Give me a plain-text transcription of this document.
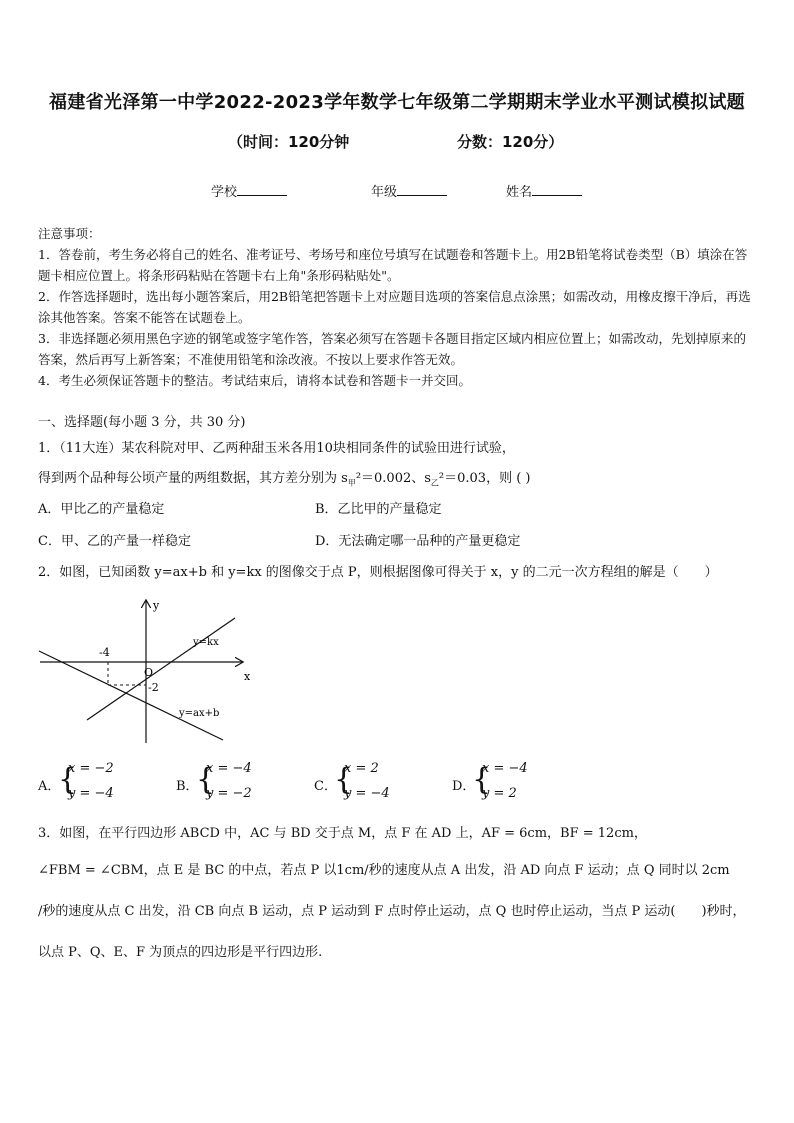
福建省光泽第一中学2022-2023学年数学七年级第二学期期末学业水平测试模拟试题
（时间：120分钟	分数：120分）
学校	年级	姓名

注意事项：

1．答卷前，考生务必将自己的姓名、准考证号、考场号和座位号填写在试题卷和答题卡上。用2B铅笔将试卷类型（B）填涂在答题卡相应位置上。将条形码粘贴在答题卡右上角"条形码粘贴处"。

2．作答选择题时，选出每小题答案后，用2B铅笔把答题卡上对应题目选项的答案信息点涂黑；如需改动，用橡皮擦干净后，再选涂其他答案。答案不能答在试题卷上。

3．非选择题必须用黑色字迹的钢笔或签字笔作答，答案必须写在答题卡各题目指定区域内相应位置上；如需改动，先划掉原来的答案，然后再写上新答案；不准使用铅笔和涂改液。不按以上要求作答无效。

4．考生必须保证答题卡的整洁。考试结束后，请将本试卷和答题卡一并交回。

一、选择题(每小题 3 分，共 30 分)
1．（11大连）某农科院对甲、乙两种甜玉米各用10块相同条件的试验田进行试验，
得到两个品种每公顷产量的两组数据，其方差分别为 $s_甲^2=0.002$、$s_乙^2=0.03$，则 ( )
A．甲比乙的产量稳定	B．乙比甲的产量稳定
C．甲、乙的产量一样稳定	D．无法确定哪一品种的产量更稳定
2．如图，已知函数 y=ax+b 和 y=kx 的图像交于点 P，则根据图像可得关于 x，y 的二元一次方程组的解是（　　）
y
x
O
-4
-2
y=kx
y=ax+b
A．
{
x = −2
y = −4	B．
{
x = −4
y = −2	C．
{
x = 2
y = −4	D．
{
x = −4
y = 2
3．如图，在平行四边形 ABCD 中，AC 与 BD 交于点 M，点 F 在 AD 上，AF = 6cm，BF = 12cm，
∠FBM = ∠CBM，点 E 是 BC 的中点，若点 P 以1cm/秒的速度从点 A 出发，沿 AD 向点 F 运动；点 Q 同时以 2cm
/秒的速度从点 C 出发，沿 CB 向点 B 运动，点 P 运动到 F 点时停止运动，点 Q 也时停止运动，当点 P 运动(　　)秒时，
以点 P、Q、E、F 为顶点的四边形是平行四边形.
